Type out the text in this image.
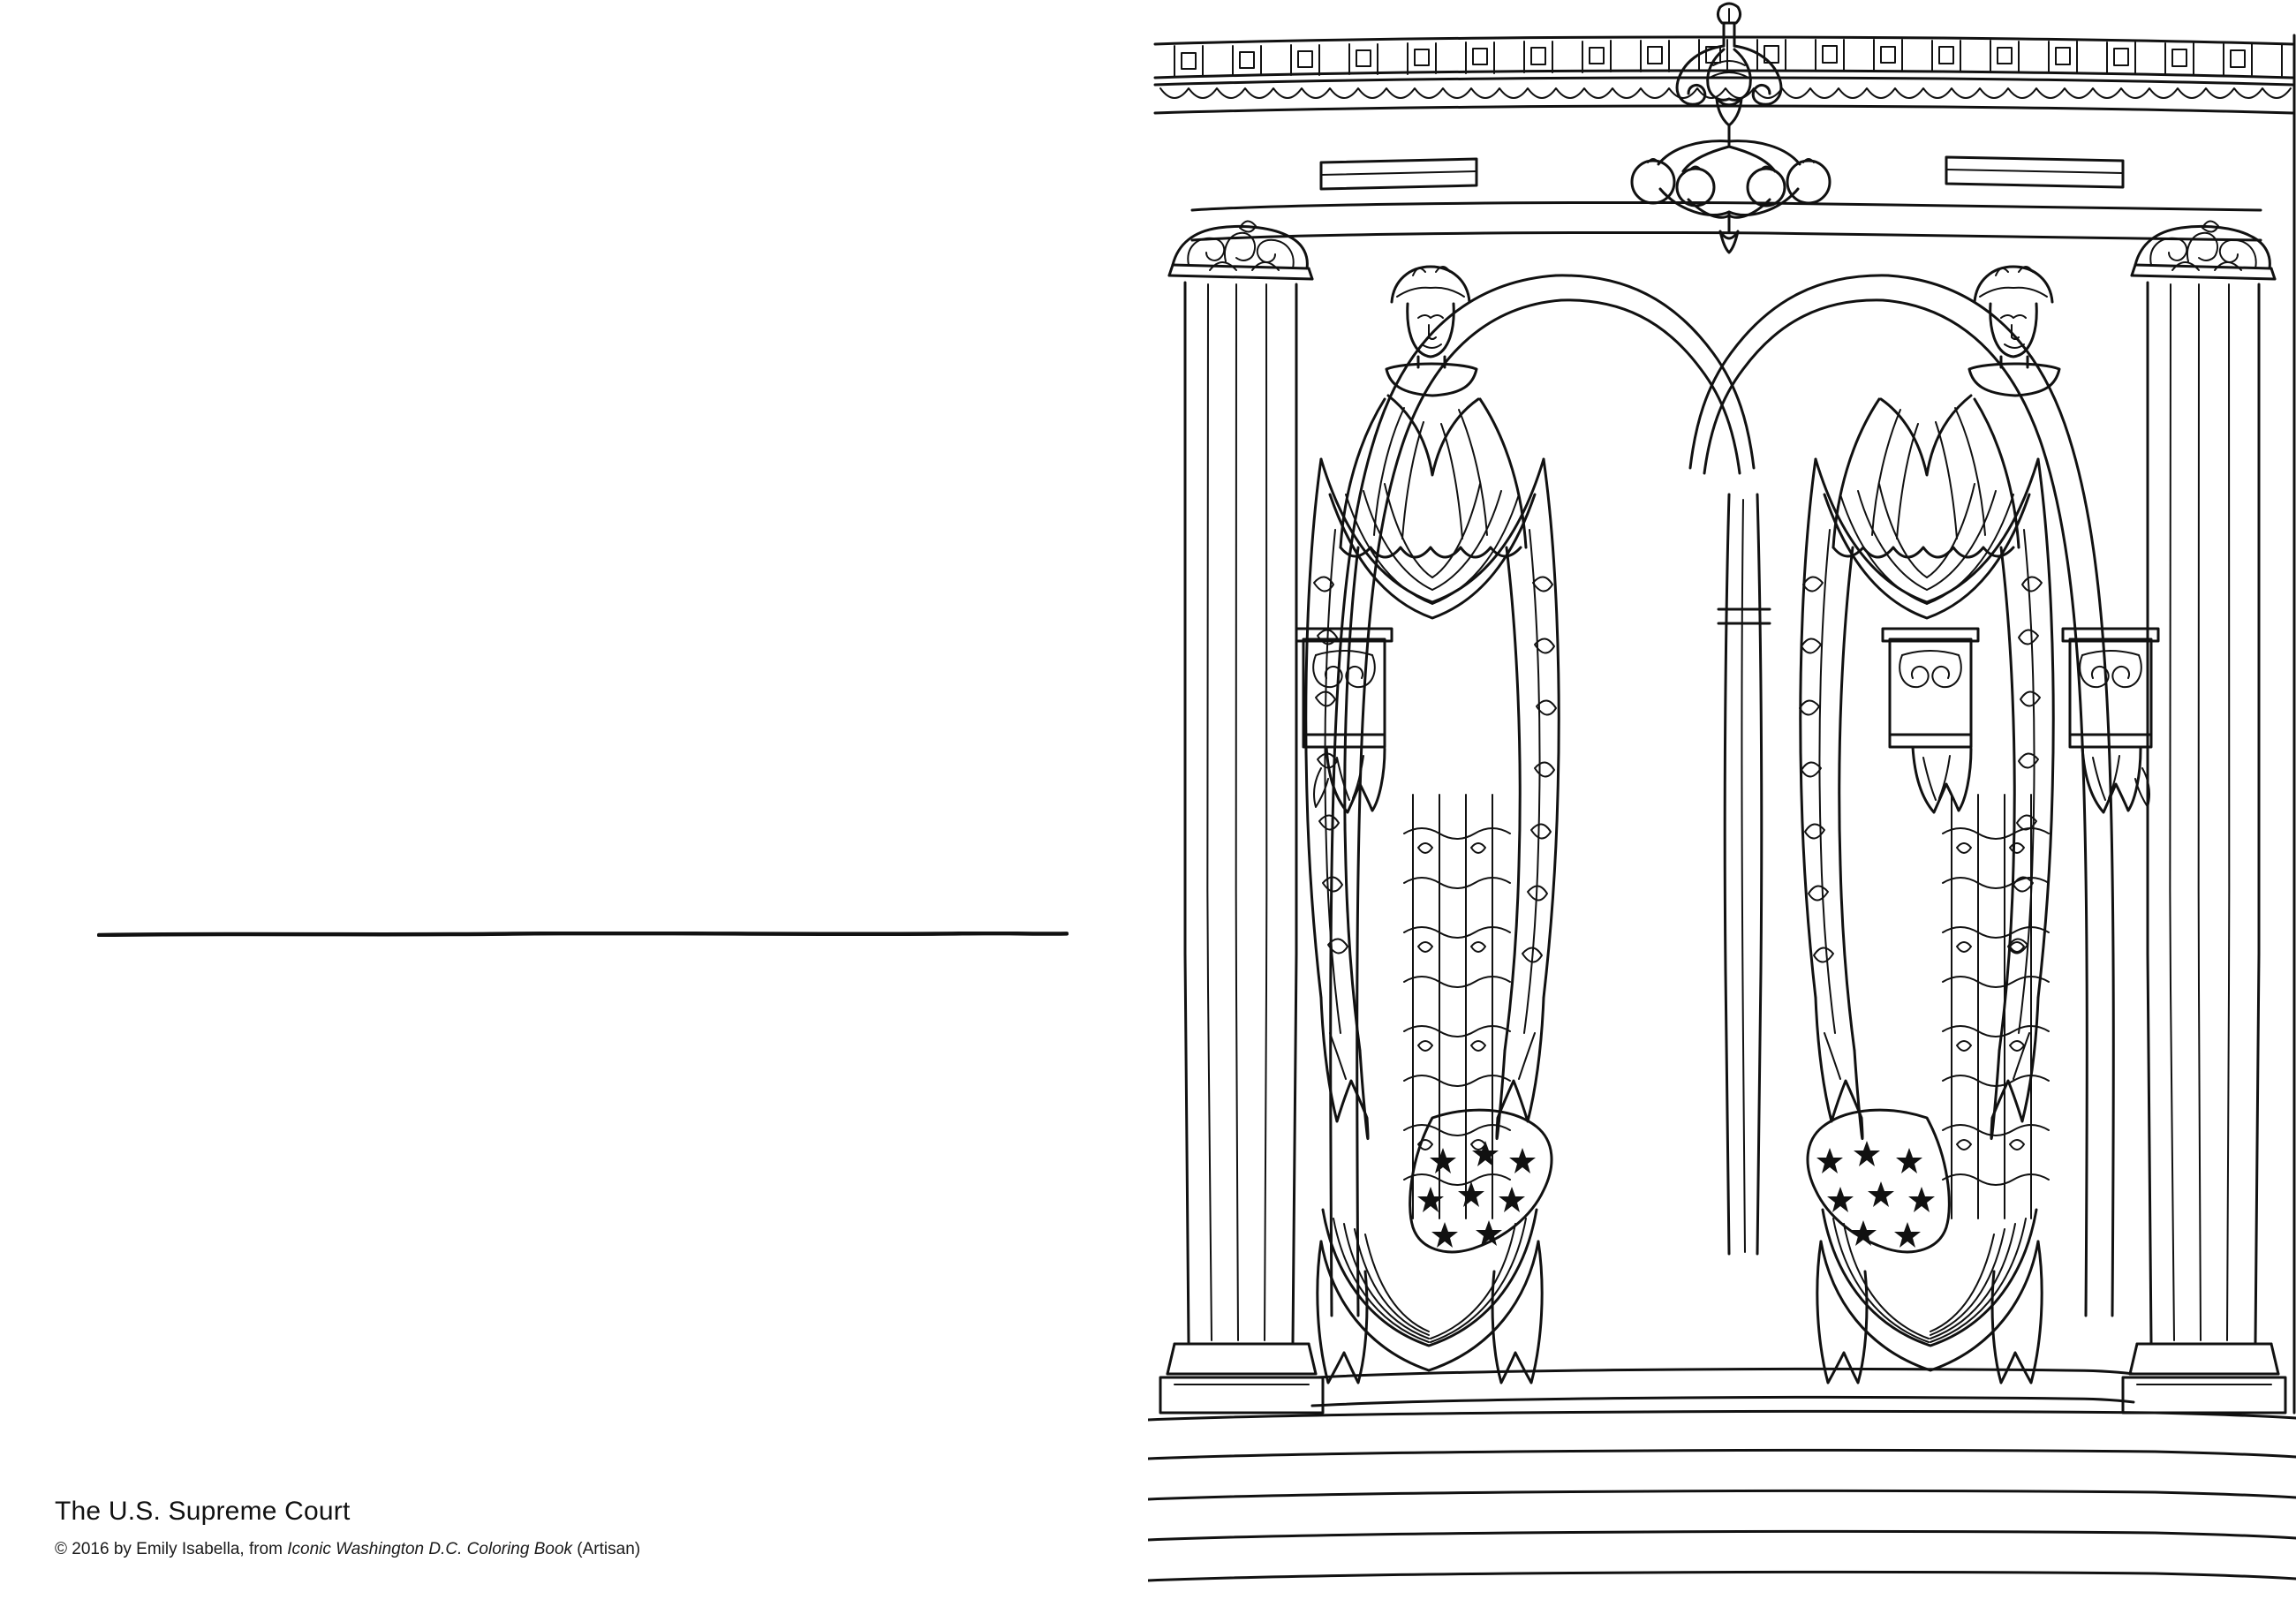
The U.S. Supreme Court

© 2016 by Emily Isabella, from Iconic Washington D.C. Coloring Book (Artisan)
